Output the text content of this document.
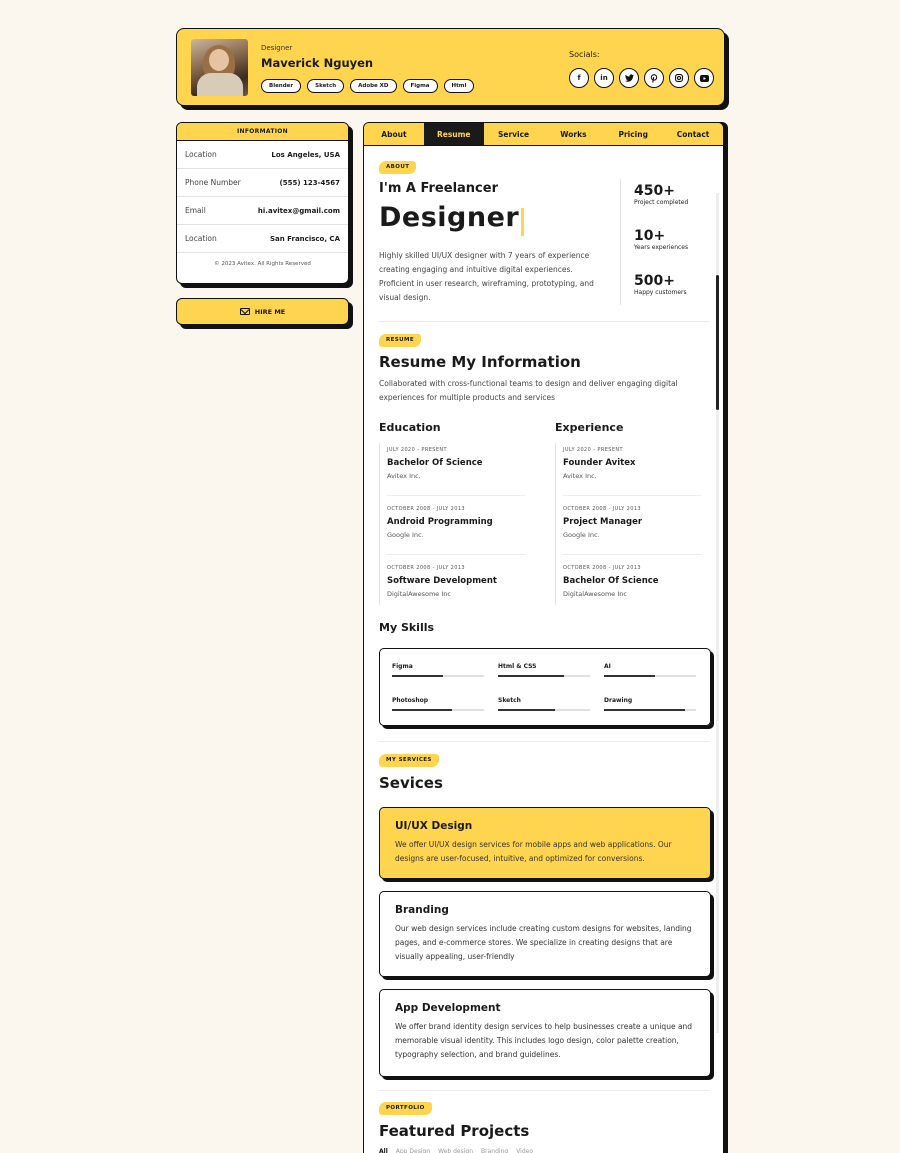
Designer
Maverick Nguyen
Blender	Sketch	Adobe XD	Figma	Html
Socials:
f	in
INFORMATION
Location	Los Angeles, USA
Phone Number	(555) 123-4567
Email	hi.avitex@gmail.com
Location	San Francisco, CA
© 2023 Avitex. All Rights Reserved
HIRE ME
About	Resume	Service	Works	Pricing	Contact
ABOUT
I'm A Freelancer
Designer
Highly skilled UI/UX designer with 7 years of experience creating engaging and intuitive digital experiences. Proficient in user research, wireframing, prototyping, and visual design.
450+
Project completed
10+
Years experiences
500+
Happy customers
RESUME
Resume My Information
Collaborated with cross-functional teams to design and deliver engaging digital experiences for multiple products and services
Education	Experience
JULY 2020 - PRESENT
Bachelor Of Science
Avitex Inc.
OCTOBER 2008 - JULY 2013
Android Programming
Google Inc.
OCTOBER 2008 - JULY 2013
Software Development
DigitalAwesome Inc
JULY 2020 - PRESENT
Founder Avitex
Avitex Inc.
OCTOBER 2008 - JULY 2013
Project Manager
Google Inc.
OCTOBER 2008 - JULY 2013
Bachelor Of Science
DigitalAwesome Inc
My Skills
Figma	Html & CSS	AI
Photoshop	Sketch	Drawing
MY SERVICES
Sevices
UI/UX Design
We offer UI/UX design services for mobile apps and web applications. Our designs are user-focused, intuitive, and optimized for conversions.
Branding
Our web design services include creating custom designs for websites, landing pages, and e-commerce stores. We specialize in creating designs that are visually appealing, user-friendly
App Development
We offer brand identity design services to help businesses create a unique and memorable visual identity. This includes logo design, color palette creation, typography selection, and brand guidelines.
PORTFOLIO
Featured Projects
All App Design Web design Branding Video
